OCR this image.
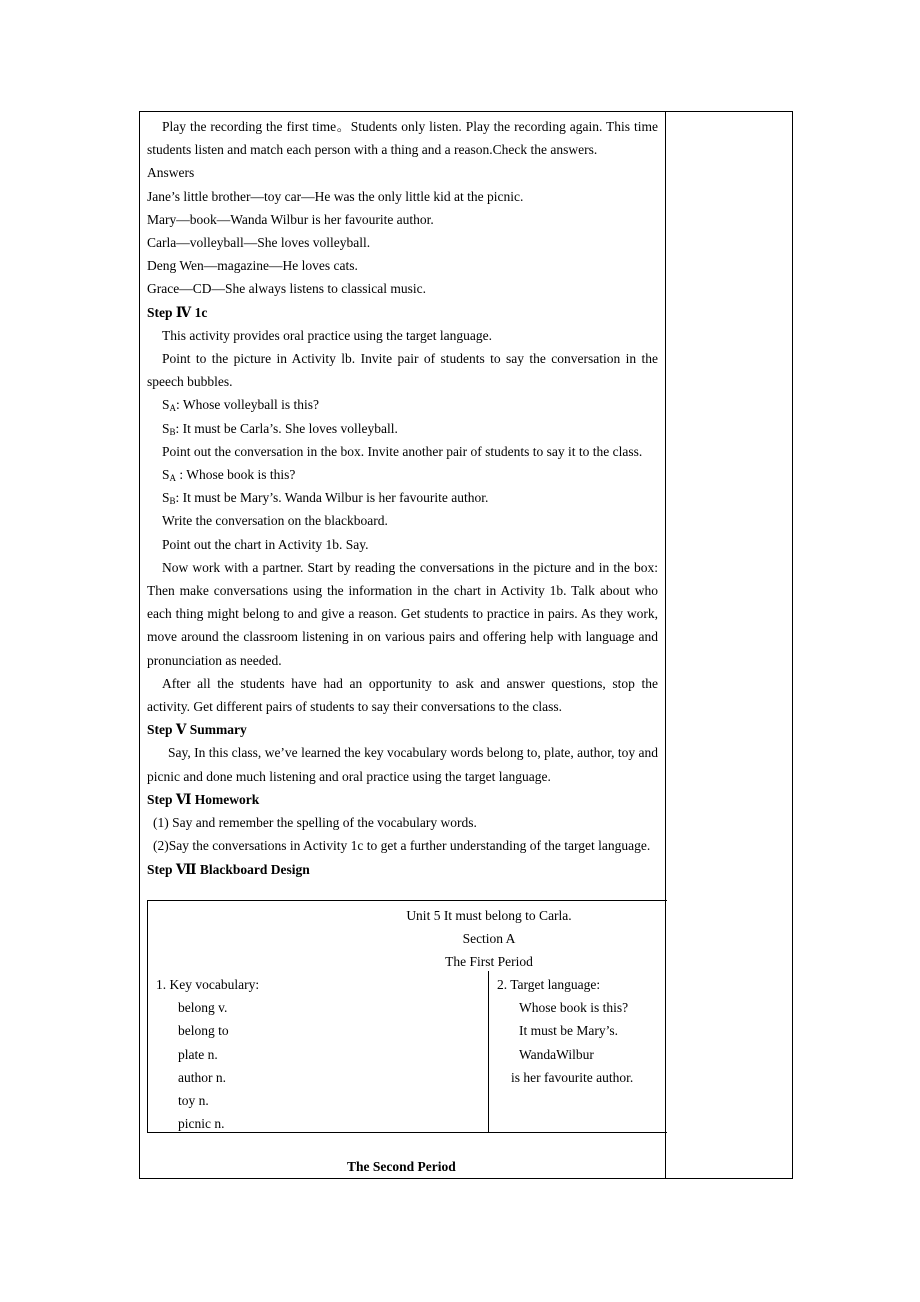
Play the recording the first time。Students only listen. Play the recording again. This time students listen and match each person with a thing and a reason.Check the answers.

Answers

Jane’s little brother—toy car—He was the only little kid at the picnic.

Mary—book—Wanda Wilbur is her favourite author.

Carla—volleyball—She loves volleyball.

Deng Wen—magazine—He loves cats.

Grace—CD—She always listens to classical music.

Step Ⅳ 1c

This activity provides oral practice using the target language.

Point to the picture in Activity lb. Invite pair of students to say the conversation in the speech bubbles.

$S_A$: Whose volleyball is this?

$S_B$: It must be Carla’s. She loves volleyball.

Point out the conversation in the box. Invite another pair of students to say it to the class.

$S_A$ : Whose book is this?

$S_B$: It must be Mary’s. Wanda Wilbur is her favourite author.

Write the conversation on the blackboard.

Point out the chart in Activity 1b. Say.

Now work with a partner. Start by reading the conversations in the picture and in the box: Then make conversations using the information in the chart in Activity 1b. Talk about who each thing might belong to and give a reason. Get students to practice in pairs. As they work, move around the classroom listening in on various pairs and offering help with language and pronunciation as needed.

After all the students have had an opportunity to ask and answer questions, stop the activity. Get different pairs of students to say their conversations to the class.

Step Ⅴ Summary

Say, In this class, we’ve learned the key vocabulary words belong to, plate, author, toy and picnic and done much listening and oral practice using the target language.

Step Ⅵ Homework

(1) Say and remember the spelling of the vocabulary words.

(2)Say the conversations in Activity 1c to get a further understanding of the target language.

Step Ⅶ Blackboard Design

Unit 5 It must belong to Carla.
Section A
The First Period
1. Key vocabulary:
belong v.
belong to
plate n.
author n.
toy n.
picnic n.
2. Target language:
Whose book is this?
It must be Mary’s.
WandaWilbur
is her favourite author.
The Second Period
